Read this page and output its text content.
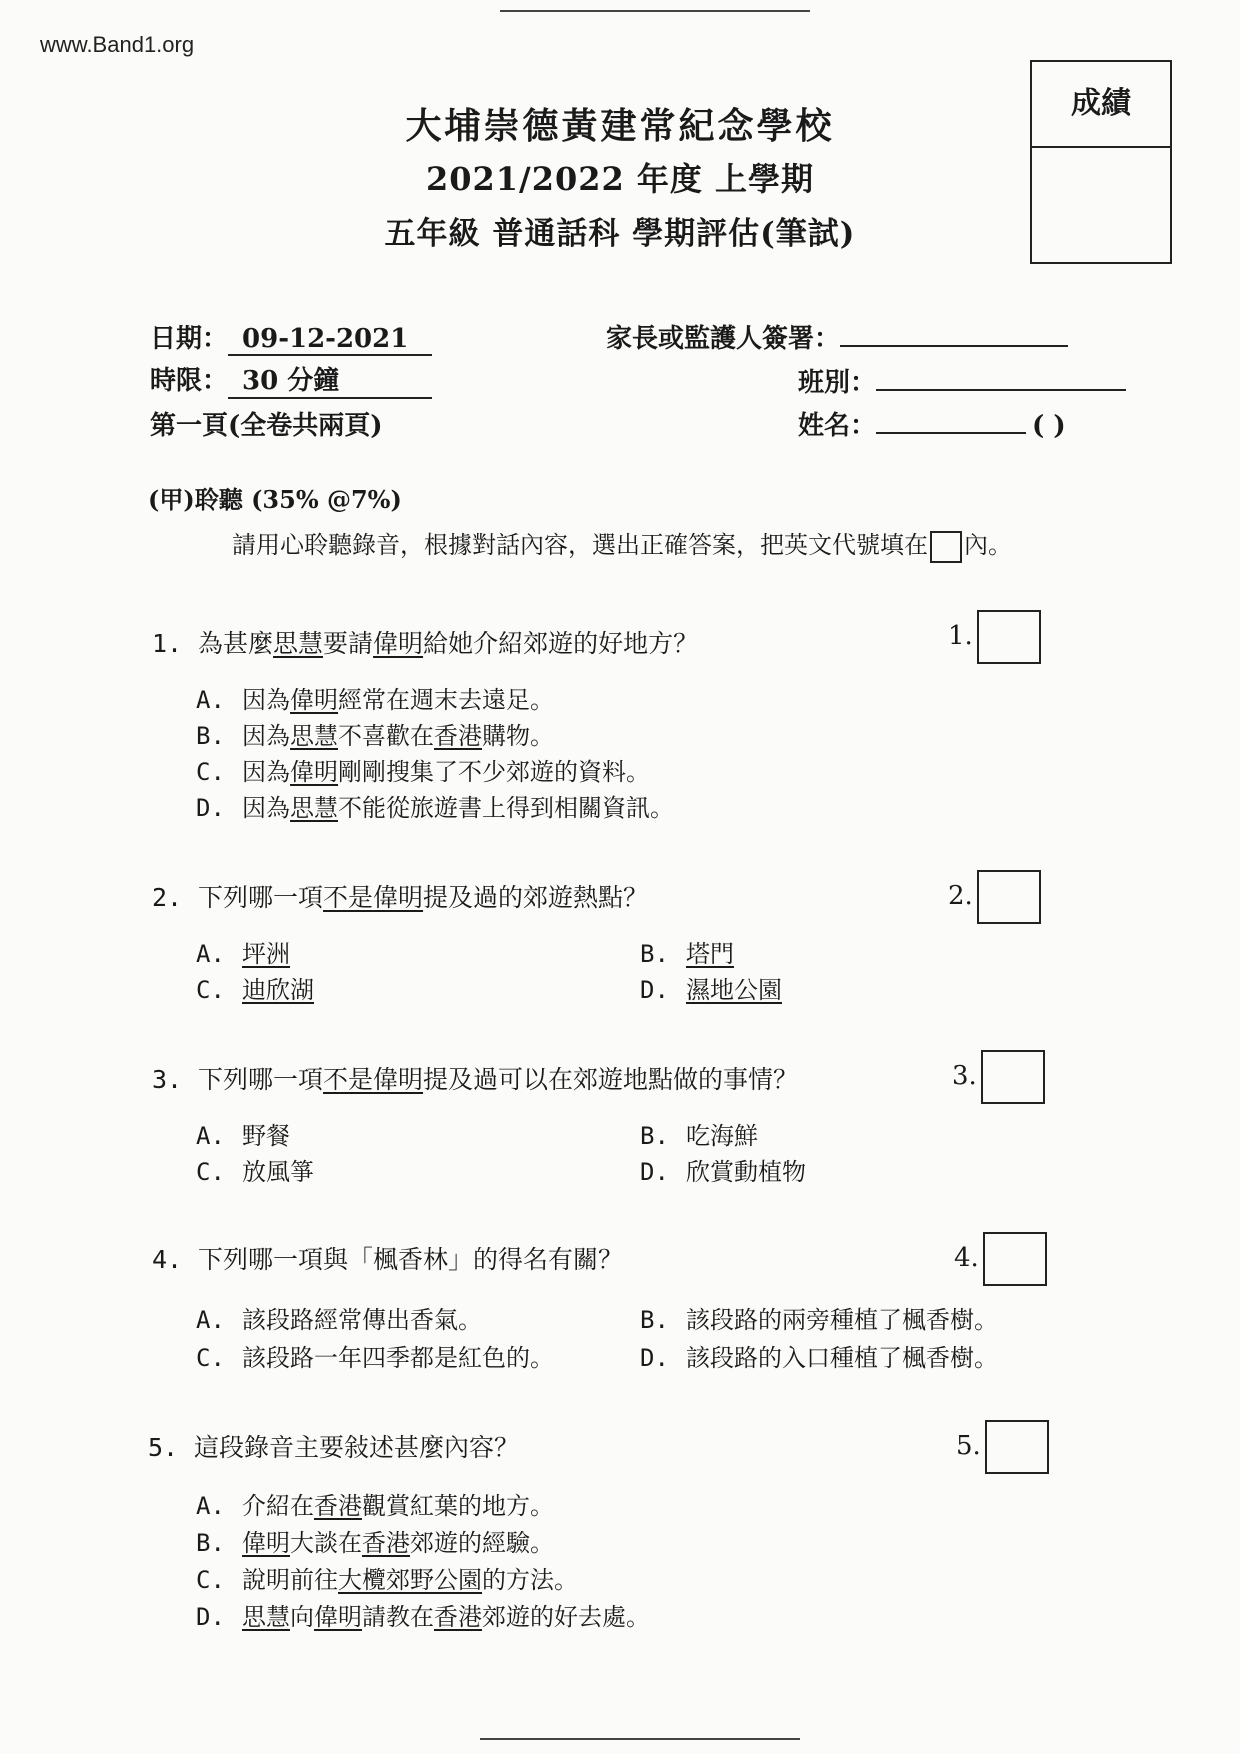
www.Band1.org
大埔崇德黃建常紀念學校
2021/2022 年度 上學期
五年級 普通話科 學期評估(筆試)
成績
日期： 09-12-2021
時限： 30 分鐘
第一頁(全卷共兩頁)
家長或監護人簽署：
班別：
姓名：	( )
(甲)聆聽 (35% @7%)
請用心聆聽錄音，根據對話內容，選出正確答案，把英文代號填在 內。
1. 為甚麼思慧要請偉明給她介紹郊遊的好地方？	1.
A. 因為偉明經常在週末去遠足。
B. 因為思慧不喜歡在香港購物。
C. 因為偉明剛剛搜集了不少郊遊的資料。
D. 因為思慧不能從旅遊書上得到相關資訊。
2. 下列哪一項不是偉明提及過的郊遊熱點？	2.
A. 坪洲	B. 塔門
C. 迪欣湖	D. 濕地公園
3. 下列哪一項不是偉明提及過可以在郊遊地點做的事情？	3.
A. 野餐	B. 吃海鮮
C. 放風箏	D. 欣賞動植物
4. 下列哪一項與「楓香林」的得名有關？	4.
A. 該段路經常傳出香氣。	B. 該段路的兩旁種植了楓香樹。
C. 該段路一年四季都是紅色的。	D. 該段路的入口種植了楓香樹。
5. 這段錄音主要敍述甚麼內容？	5.
A. 介紹在香港觀賞紅葉的地方。
B. 偉明大談在香港郊遊的經驗。
C. 說明前往大欖郊野公園的方法。
D. 思慧向偉明請教在香港郊遊的好去處。
